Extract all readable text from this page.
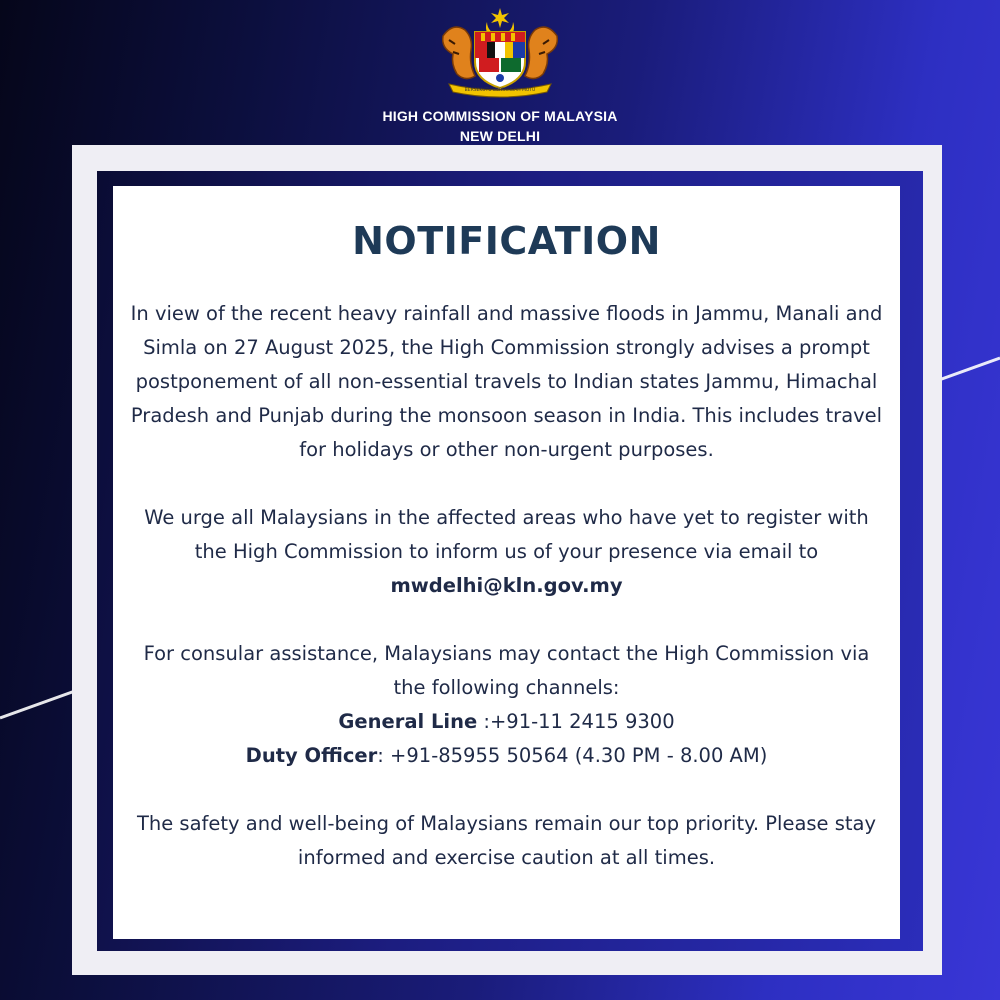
BERSEKUTU BERTAMBAH MUTU
HIGH COMMISSION OF MALAYSIA
NEW DELHI
NOTIFICATION
In view of the recent heavy rainfall and massive floods in Jammu, Manali and Simla on 27 August 2025, the High Commission strongly advises a prompt postponement of all non-essential travels to Indian states Jammu, Himachal Pradesh and Punjab during the monsoon season in India. This includes travel for holidays or other non-urgent purposes.
We urge all Malaysians in the affected areas who have yet to register with the High Commission to inform us of your presence via email to
mwdelhi@kln.gov.my
For consular assistance, Malaysians may contact the High Commission via the following channels:
General Line :+91-11 2415 9300
Duty Officer: +91-85955 50564 (4.30 PM - 8.00 AM)
The safety and well-being of Malaysians remain our top priority. Please stay informed and exercise caution at all times.
